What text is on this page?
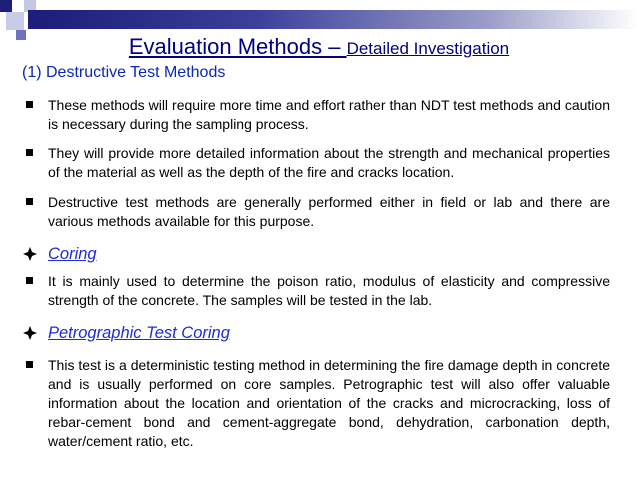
Evaluation Methods – Detailed Investigation
(1) Destructive Test Methods
These methods will require more time and effort rather than NDT test methods and caution is necessary during the sampling process.
They will provide more detailed information about the strength and mechanical properties of the material as well as the depth of the fire and cracks location.
Destructive test methods are generally performed either in field or lab and there are various methods available for this purpose.
Coring
It is mainly used to determine the poison ratio, modulus of elasticity and compressive strength of the concrete. The samples will be tested in the lab.
Petrographic Test Coring
This test is a deterministic testing method in determining the fire damage depth in concrete and is usually performed on core samples. Petrographic test will also offer valuable information about the location and orientation of the cracks and microcracking, loss of rebar-cement bond and cement-aggregate bond, dehydration, carbonation depth, water/cement ratio, etc.
